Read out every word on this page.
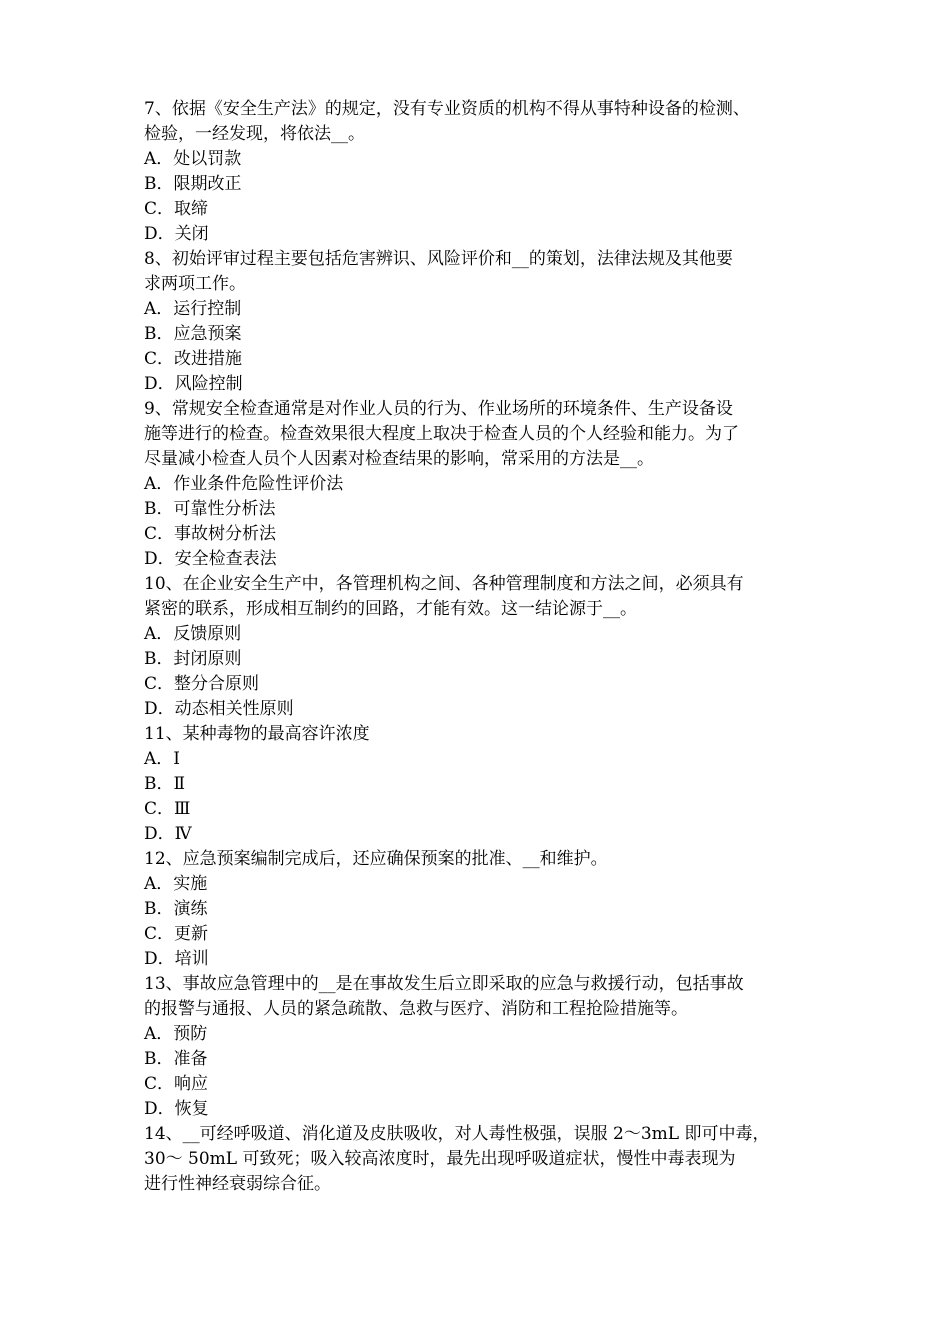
7、依据《安全生产法》的规定，没有专业资质的机构不得从事特种设备的检测、
检验，一经发现，将依法__。
A．处以罚款
B．限期改正
C．取缔
D．关闭
8、初始评审过程主要包括危害辨识、风险评价和__的策划，法律法规及其他要
求两项工作。
A．运行控制
B．应急预案
C．改进措施
D．风险控制
9、常规安全检查通常是对作业人员的行为、作业场所的环境条件、生产设备设
施等进行的检查。检查效果很大程度上取决于检查人员的个人经验和能力。为了
尽量减小检查人员个人因素对检查结果的影响，常采用的方法是__。
A．作业条件危险性评价法
B．可靠性分析法
C．事故树分析法
D．安全检查表法
10、在企业安全生产中，各管理机构之间、各种管理制度和方法之间，必须具有
紧密的联系，形成相互制约的回路，才能有效。这一结论源于__。
A．反馈原则
B．封闭原则
C．整分合原则
D．动态相关性原则
11、某种毒物的最高容许浓度
A．Ⅰ
B．Ⅱ
C．Ⅲ
D．Ⅳ
12、应急预案编制完成后，还应确保预案的批准、__和维护。
A．实施
B．演练
C．更新
D．培训
13、事故应急管理中的__是在事故发生后立即采取的应急与救援行动，包括事故
的报警与通报、人员的紧急疏散、急救与医疗、消防和工程抢险措施等。
A．预防
B．准备
C．响应
D．恢复
14、__可经呼吸道、消化道及皮肤吸收，对人毒性极强，误服 2～3mL 即可中毒，
30～ 50mL 可致死；吸入较高浓度时，最先出现呼吸道症状，慢性中毒表现为
进行性神经衰弱综合征。
